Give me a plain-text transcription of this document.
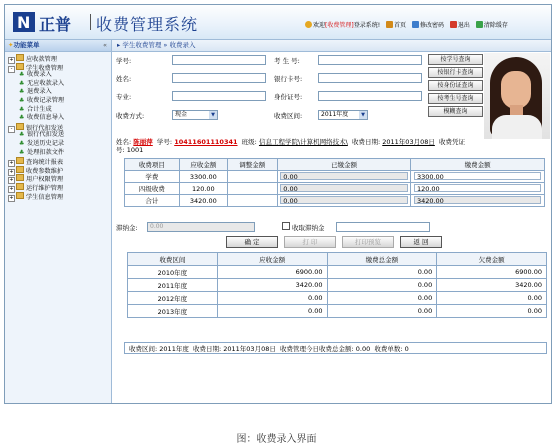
N 正普 收费管理系统	欢迎[收费管理]登录系统! 首页 修改密码 退出 清除缓存
✦功能菜单	«
+ 应收款管理
- 学生收费管理
♣ 收费录入
♣ 无应收款录入
♣ 退费录入
♣ 收费记录管理
♣ 合计生成
♣ 收费信息导入
- 银行代扣发送
♣ 银行代扣发送
♣ 发送历史记录
♣ 处理扣款文件
+ 查询统计报表
+ 收费参数维护
+ 用户权限管理
+ 运行维护管理
+ 学生信息管理
▸ 学生收费管理 » 收费录入
学号:	考 生 号:
姓名:	银行卡号:
专业:	身份证号:
收费方式:	现金	▼	收费区间:	2011年度	▼
按学号查询
按银行卡查询
按身份证查询
按考生号查询
模糊查询
姓名: 陈丽萍 学号: 10411601110341 班级: 信息工程学院\计算机网络技术\ 收费日期: 2011年03月08日 收费凭证
号: 1001
收费项目	应收金额	调整金额	已缴金额	缴费金额
学费	3300.00		0.00	3300.00
四级收费	120.00		0.00	120.00
合计	3420.00		0.00	3420.00
滞纳金:	0.00	收取滞纳金
确 定	打 印	打印预览	返 回
收费区间	应收金额	缴费总金额	欠费金额
2010年度	6900.00	0.00	6900.00
2011年度	3420.00	0.00	3420.00
2012年度	0.00	0.00	0.00
2013年度	0.00	0.00	0.00
收费区间: 2011年度 收费日期: 2011年03月08日 收费管理今日收费总金额: 0.00 收费单数: 0
图：收费录入界面
